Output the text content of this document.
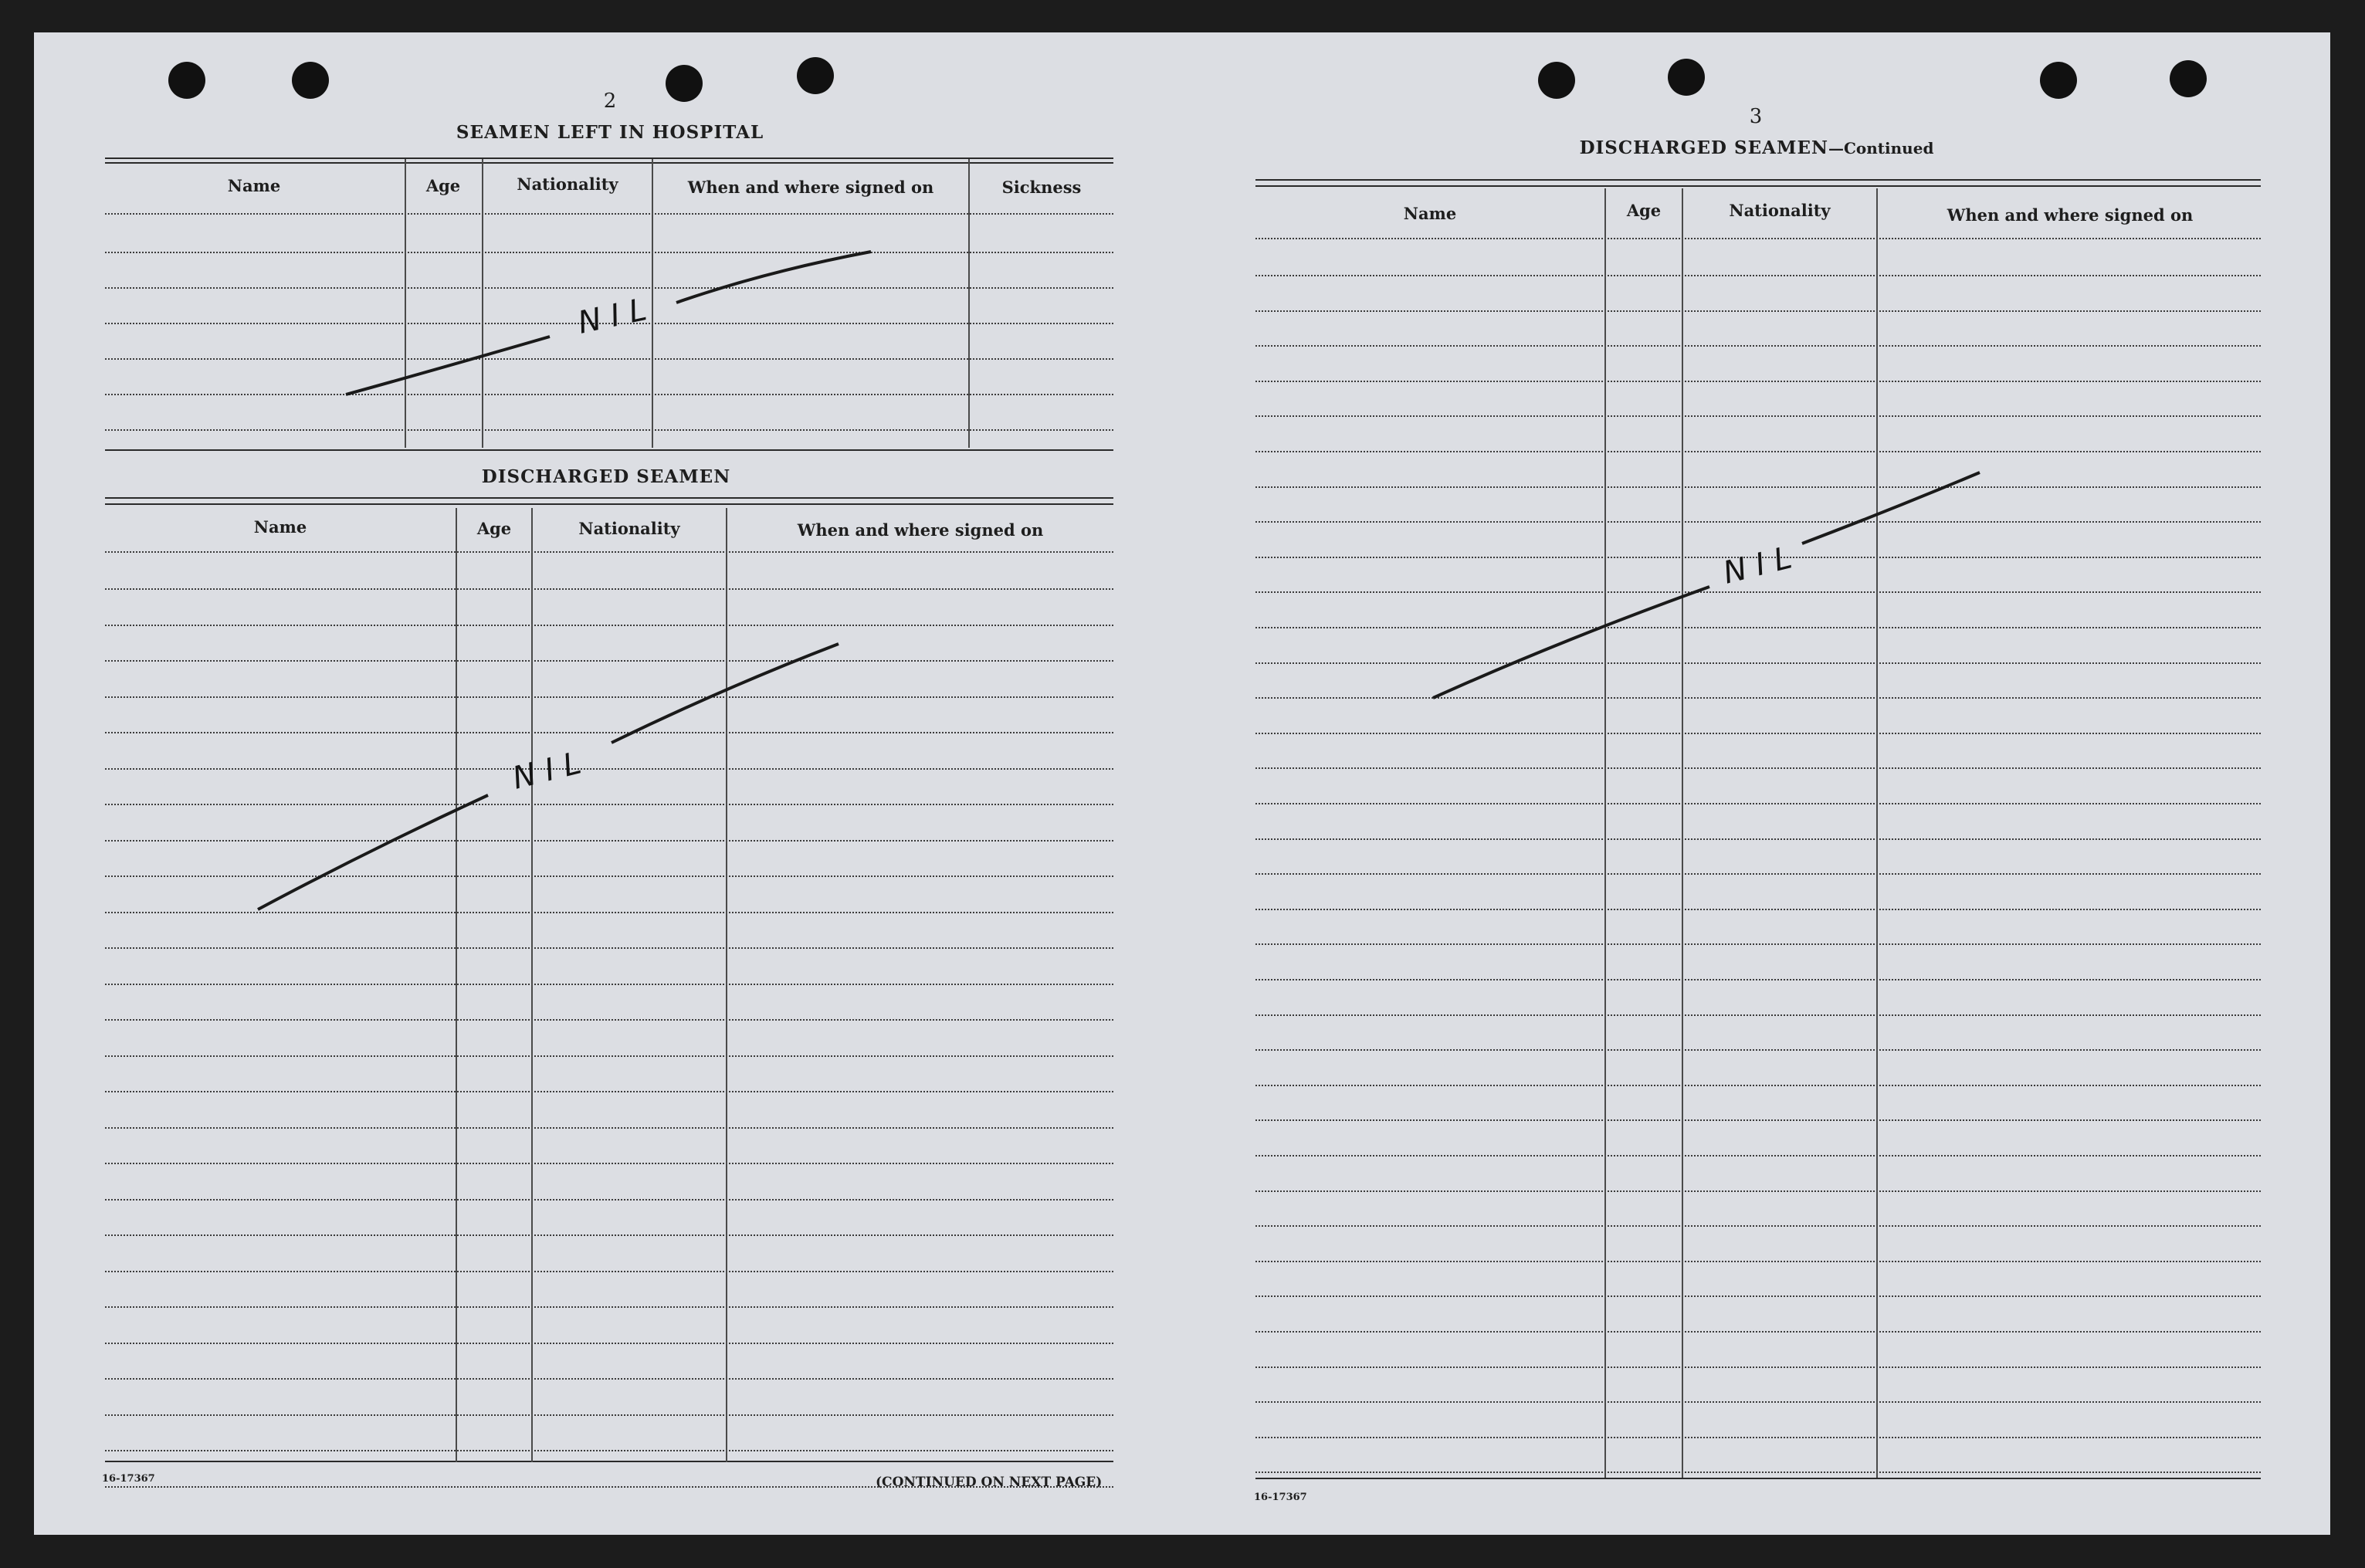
2
SEAMEN LEFT IN HOSPITAL
Name	Age	Nationality	When and where signed on	Sickness
DISCHARGED SEAMEN
Name	Age	Nationality	When and where signed on
16-17367	(CONTINUED ON NEXT PAGE)
3
DISCHARGED SEAMEN—Continued
Name	Age	Nationality	When and where signed on
16-17367
N I L
N I L
N I L
